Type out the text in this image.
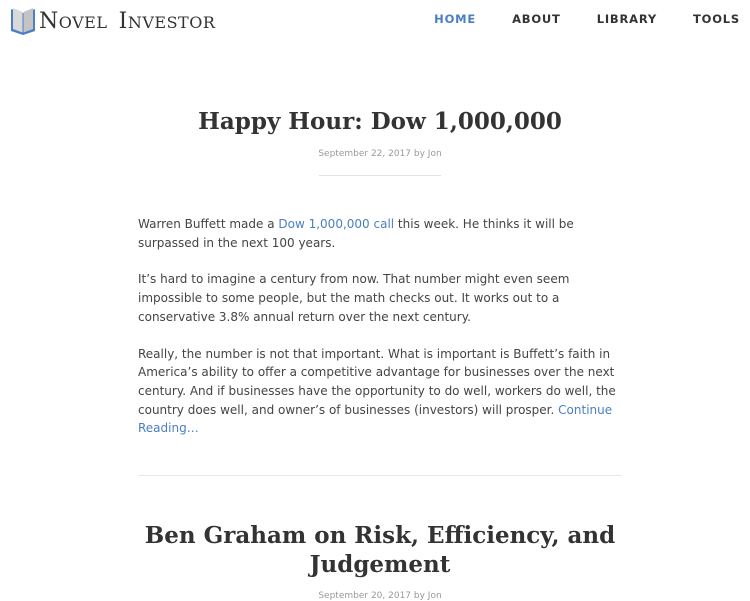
NOVEL INVESTOR	HOME	ABOUT	LIBRARY	TOOLS
Happy Hour: Dow 1,000,000
September 22, 2017 by Jon

Warren Buffett made a Dow 1,000,000 call this week. He thinks it will be surpassed in the next 100 years.

It’s hard to imagine a century from now. That number might even seem impossible to some people, but the math checks out. It works out to a conservative 3.8% annual return over the next century.

Really, the number is not that important. What is important is Buffett’s faith in America’s ability to offer a competitive advantage for businesses over the next century. And if businesses have the opportunity to do well, workers do well, the country does well, and owner’s of businesses (investors) will prosper. Continue Reading…

Ben Graham on Risk, Efficiency, and Judgement
September 20, 2017 by Jon
